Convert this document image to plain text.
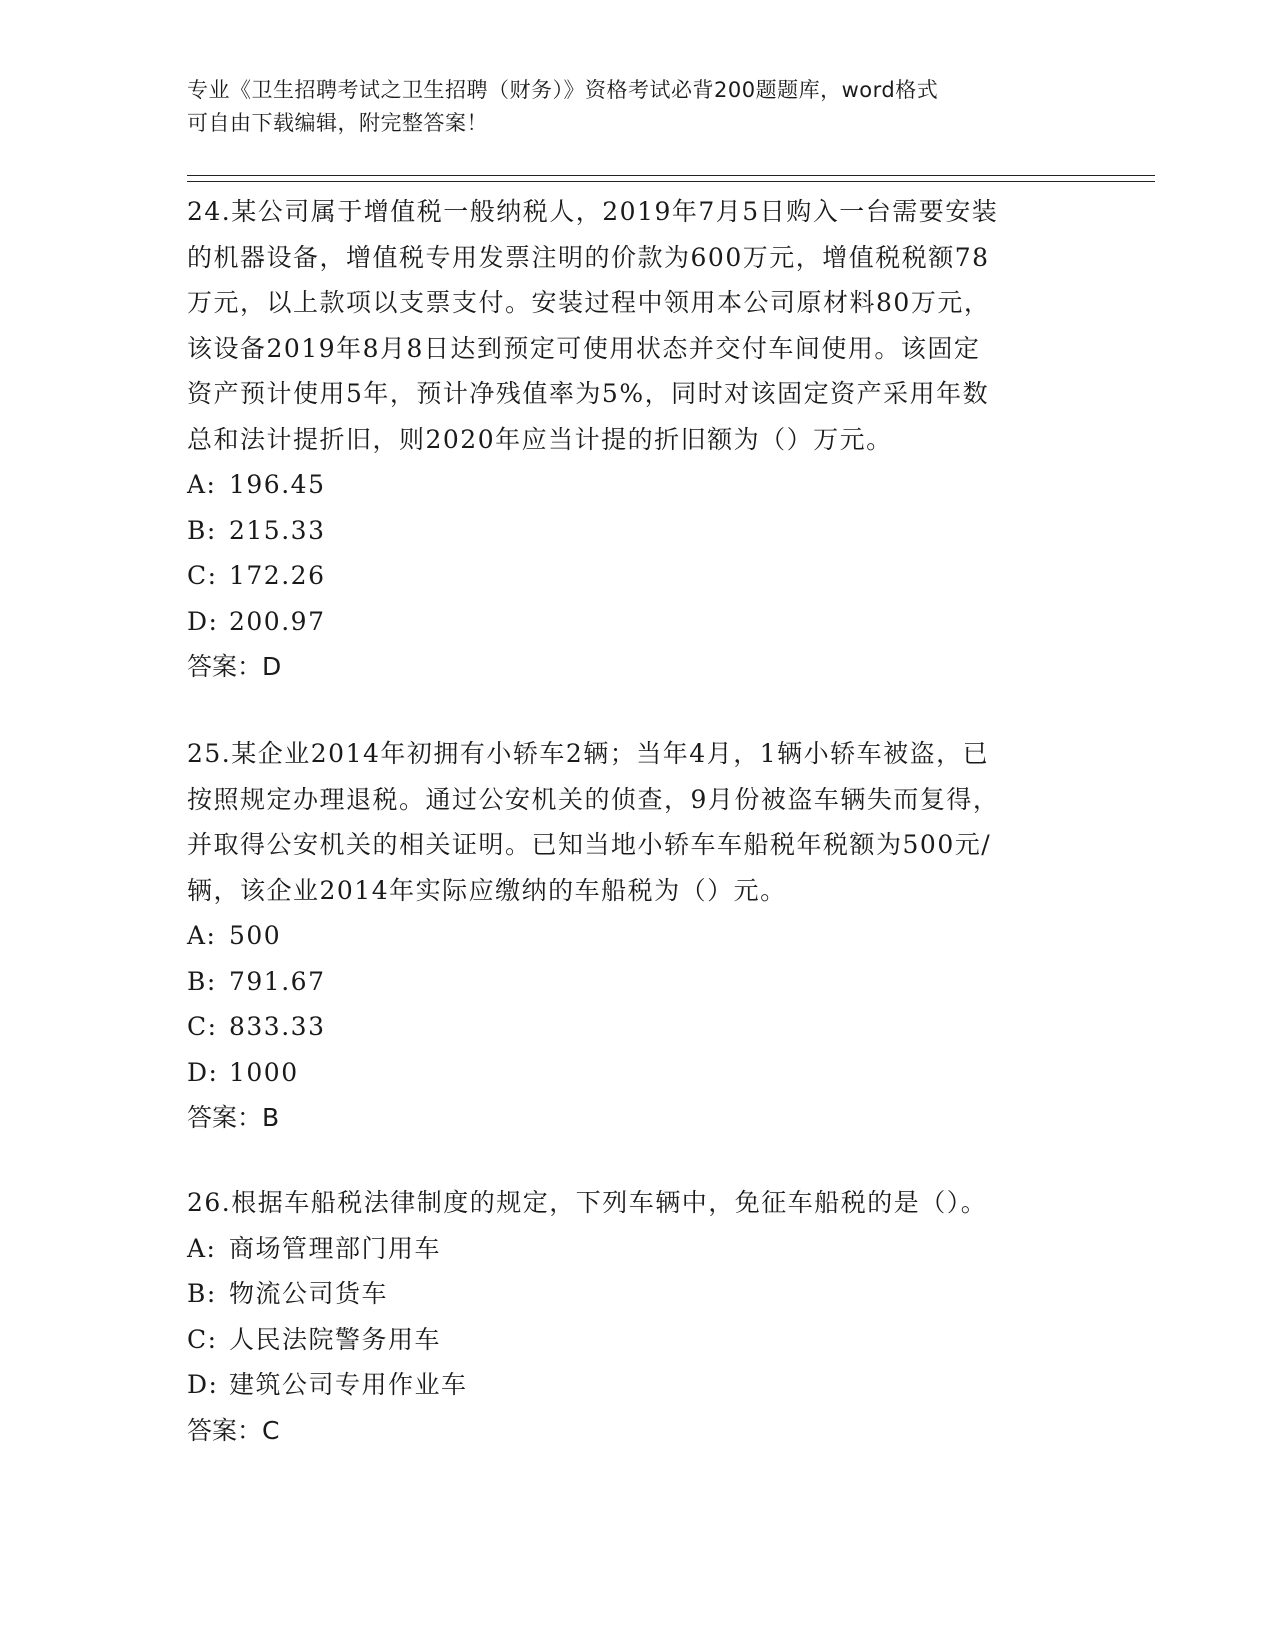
专业《卫生招聘考试之卫生招聘（财务）》资格考试必背200题题库，word格式
可自由下载编辑，附完整答案！
24.某公司属于增值税一般纳税人，2019年7月5日购入一台需要安装
的机器设备，增值税专用发票注明的价款为600万元，增值税税额78
万元，以上款项以支票支付。安装过程中领用本公司原材料80万元，
该设备2019年8月8日达到预定可使用状态并交付车间使用。该固定
资产预计使用5年，预计净残值率为5%，同时对该固定资产采用年数
总和法计提折旧，则2020年应当计提的折旧额为（）万元。
A: 196.45
B: 215.33
C: 172.26
D: 200.97
答案：D
25.某企业2014年初拥有小轿车2辆；当年4月，1辆小轿车被盗，已
按照规定办理退税。通过公安机关的侦查，9月份被盗车辆失而复得，
并取得公安机关的相关证明。已知当地小轿车车船税年税额为500元/
辆，该企业2014年实际应缴纳的车船税为（）元。
A: 500
B: 791.67
C: 833.33
D: 1000
答案：B
26.根据车船税法律制度的规定，下列车辆中，免征车船税的是（）。
A: 商场管理部门用车
B: 物流公司货车
C: 人民法院警务用车
D: 建筑公司专用作业车
答案：C
